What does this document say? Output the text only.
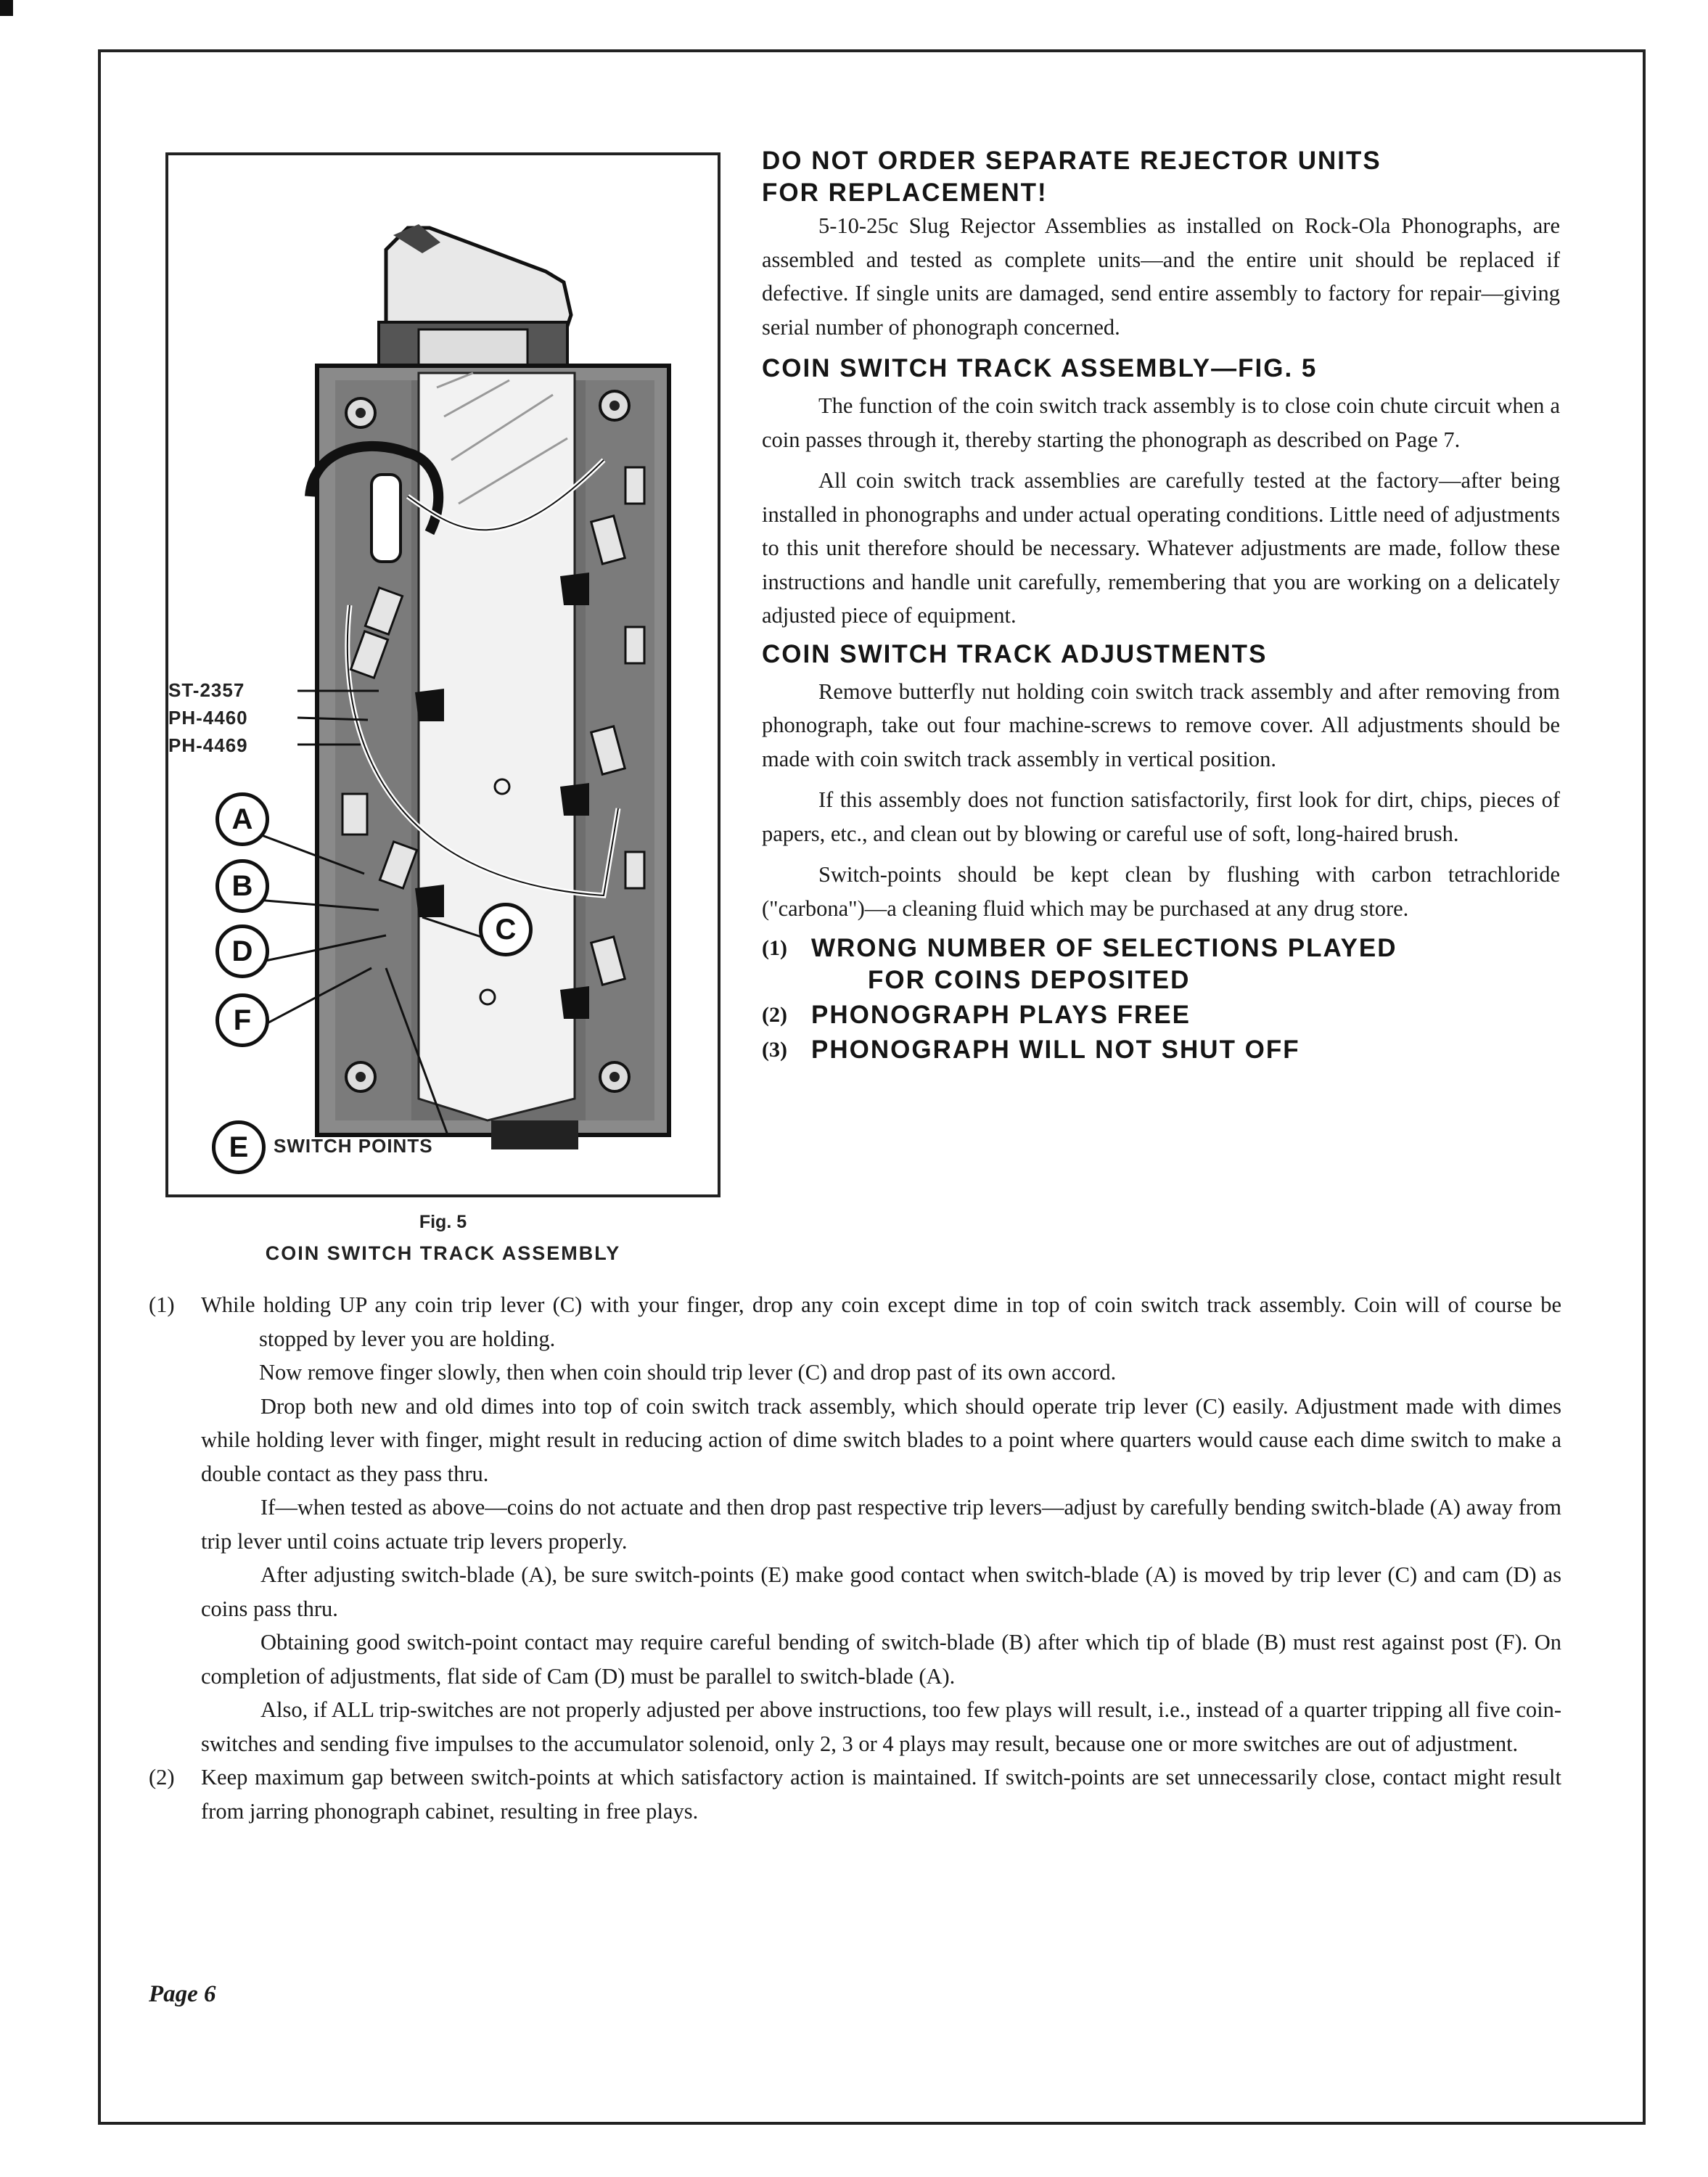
ST-2357
PH-4460
PH-4469
A
B
D
F
C
E	SWITCH POINTS
Fig. 5
COIN SWITCH TRACK ASSEMBLY
DO NOT ORDER SEPARATE REJECTOR UNITS
FOR REPLACEMENT!

5-10-25c Slug Rejector Assemblies as installed on Rock-Ola Phonographs, are assembled and tested as complete units—and the entire unit should be replaced if defective. If single units are damaged, send entire assembly to factory for repair—giving serial number of phonograph concerned.

COIN SWITCH TRACK ASSEMBLY—FIG. 5

The function of the coin switch track assembly is to close coin chute circuit when a coin passes through it, thereby starting the phonograph as described on Page 7.

All coin switch track assemblies are carefully tested at the factory—after being installed in phonographs and under actual operating conditions. Little need of adjustments to this unit therefore should be necessary. Whatever adjustments are made, follow these instructions and handle unit carefully, remembering that you are working on a delicately adjusted piece of equipment.

COIN SWITCH TRACK ADJUSTMENTS

Remove butterfly nut holding coin switch track assembly and after removing from phonograph, take out four machine-screws to remove cover. All adjustments should be made with coin switch track assembly in vertical position.

If this assembly does not function satisfactorily, first look for dirt, chips, pieces of papers, etc., and clean out by blowing or careful use of soft, long-haired brush.

Switch-points should be kept clean by flushing with carbon tetrachloride ("carbona")—a cleaning fluid which may be purchased at any drug store.

(1) WRONG NUMBER OF SELECTIONS PLAYED
FOR COINS DEPOSITED
(2) PHONOGRAPH PLAYS FREE
(3) PHONOGRAPH WILL NOT SHUT OFF
(1) While holding UP any coin trip lever (C) with your finger, drop any coin except dime in top of coin switch track assembly. Coin will of course be stopped by lever you are holding.

Now remove finger slowly, then when coin should trip lever (C) and drop past of its own accord.

Drop both new and old dimes into top of coin switch track assembly, which should operate trip lever (C) easily. Adjustment made with dimes while holding lever with finger, might result in reducing action of dime switch blades to a point where quarters would cause each dime switch to make a double contact as they pass thru.

If—when tested as above—coins do not actuate and then drop past respective trip levers—adjust by carefully bending switch-blade (A) away from trip lever until coins actuate trip levers properly.

After adjusting switch-blade (A), be sure switch-points (E) make good contact when switch-blade (A) is moved by trip lever (C) and cam (D) as coins pass thru.

Obtaining good switch-point contact may require careful bending of switch-blade (B) after which tip of blade (B) must rest against post (F). On completion of adjustments, flat side of Cam (D) must be parallel to switch-blade (A).

Also, if ALL trip-switches are not properly adjusted per above instructions, too few plays will result, i.e., instead of a quarter tripping all five coin-switches and sending five impulses to the accumulator solenoid, only 2, 3 or 4 plays may result, because one or more switches are out of adjustment.

(2) Keep maximum gap between switch-points at which satisfactory action is maintained. If switch-points are set unnecessarily close, contact might result from jarring phonograph cabinet, resulting in free plays.

Page 6
